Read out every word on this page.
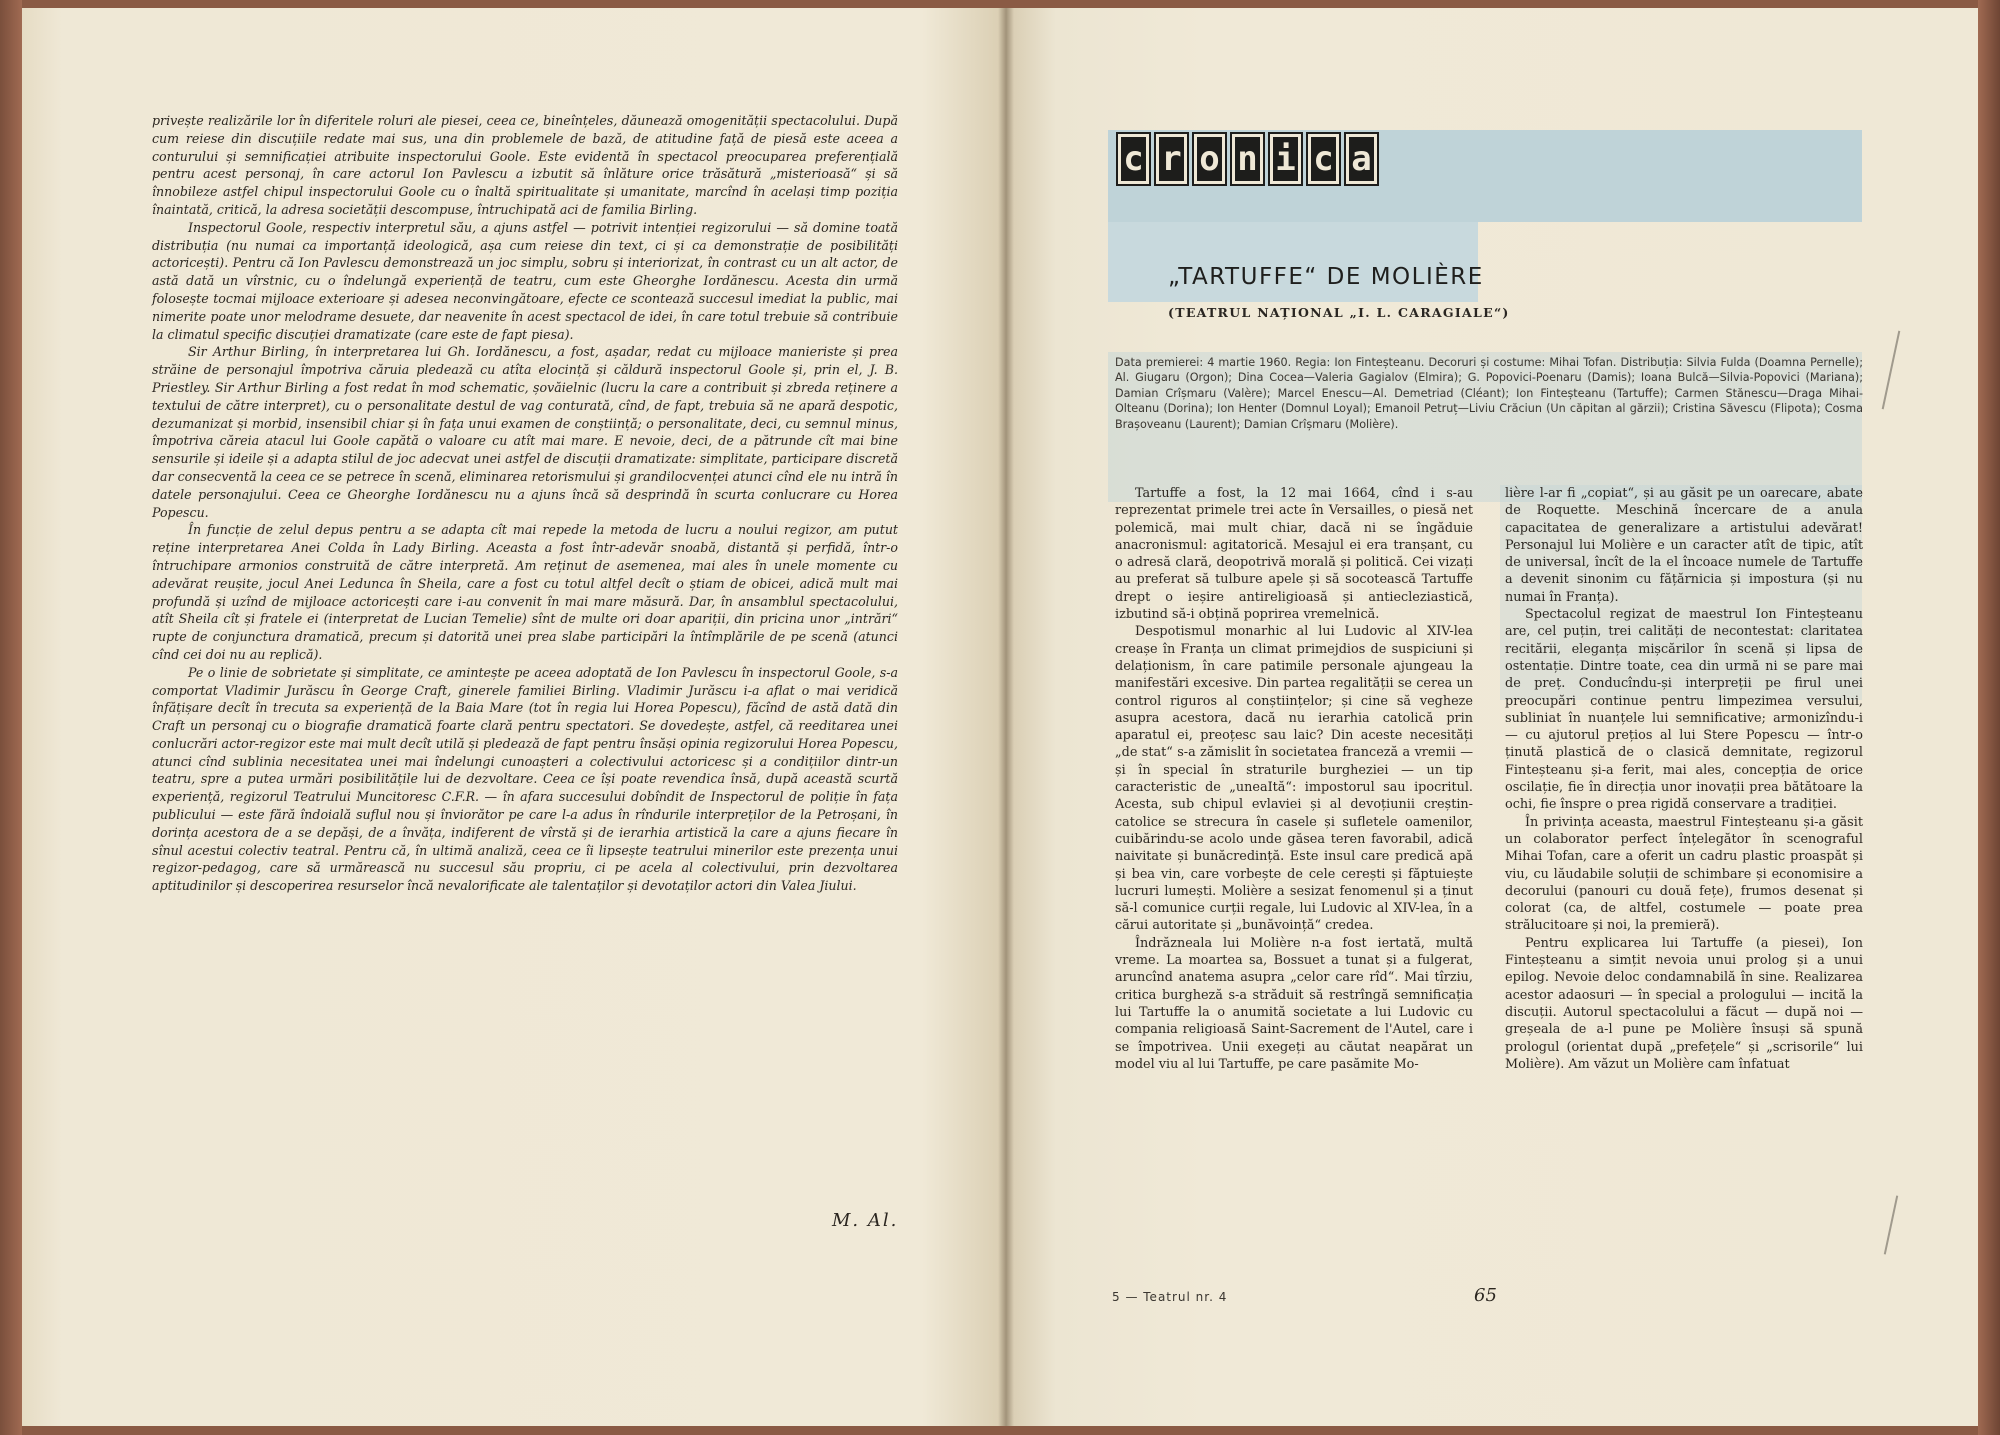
privește realizările lor în diferitele roluri ale piesei, ceea ce, bineînțeles, dăunează omogenității spectacolului. După cum reiese din discuțiile redate mai sus, una din problemele de bază, de atitudine față de piesă este aceea a conturului și semnificației atribuite inspectorului Goole. Este evidentă în spectacol preocuparea preferențială pentru acest personaj, în care actorul Ion Pavlescu a izbutit să înlăture orice trăsătură „misterioasă“ și să înnobileze astfel chipul inspectorului Goole cu o înaltă spiritualitate și umanitate, marcînd în același timp poziția înaintată, critică, la adresa societății descompuse, întruchipată aci de familia Birling.

Inspectorul Goole, respectiv interpretul său, a ajuns astfel — potrivit intenției regizorului — să domine toată distribuția (nu numai ca importanță ideologică, așa cum reiese din text, ci și ca demonstrație de posibilități actoricești). Pentru că Ion Pavlescu demonstrează un joc simplu, sobru și interiorizat, în contrast cu un alt actor, de astă dată un vîrstnic, cu o îndelungă experiență de teatru, cum este Gheorghe Iordănescu. Acesta din urmă folosește tocmai mijloace exterioare și adesea neconvingătoare, efecte ce scontează succesul imediat la public, mai nimerite poate unor melodrame desuete, dar neavenite în acest spectacol de idei, în care totul trebuie să contribuie la climatul specific discuției dramatizate (care este de fapt piesa).

Sir Arthur Birling, în interpretarea lui Gh. Iordănescu, a fost, așadar, redat cu mijloace manieriste și prea străine de personajul împotriva căruia pledează cu atîta elocință și căldură inspectorul Goole și, prin el, J. B. Priestley. Sir Arthur Birling a fost redat în mod schematic, șovăielnic (lucru la care a contribuit și zbreda reținere a textului de către interpret), cu o personalitate destul de vag conturată, cînd, de fapt, trebuia să ne apară despotic, dezumanizat și morbid, insensibil chiar și în fața unui examen de conștiință; o personalitate, deci, cu semnul minus, împotriva căreia atacul lui Goole capătă o valoare cu atît mai mare. E nevoie, deci, de a pătrunde cît mai bine sensurile și ideile și a adapta stilul de joc adecvat unei astfel de discuții dramatizate: simplitate, participare discretă dar consecventă la ceea ce se petrece în scenă, eliminarea retorismului și grandilocvenței atunci cînd ele nu intră în datele personajului. Ceea ce Gheorghe Iordănescu nu a ajuns încă să desprindă în scurta conlucrare cu Horea Popescu.

În funcție de zelul depus pentru a se adapta cît mai repede la metoda de lucru a noului regizor, am putut reține interpretarea Anei Colda în Lady Birling. Aceasta a fost într-adevăr snoabă, distantă și perfidă, într-o întruchipare armonios construită de către interpretă. Am reținut de asemenea, mai ales în unele momente cu adevărat reușite, jocul Anei Leduncа în Sheila, care a fost cu totul altfel decît o știam de obicei, adică mult mai profundă și uzînd de mijloace actoricești care i-au convenit în mai mare măsură. Dar, în ansamblul spectacolului, atît Sheila cît și fratele ei (interpretat de Lucian Temelie) sînt de multe ori doar apariții, din pricina unor „intrări“ rupte de conjunctura dramatică, precum și datorită unei prea slabe participări la întîmplările de pe scenă (atunci cînd cei doi nu au replică).

Pe o linie de sobrietate și simplitate, ce amintește pe aceea adoptată de Ion Pavlescu în inspectorul Goole, s-a comportat Vladimir Jurăscu în George Craft, ginerele familiei Birling. Vladimir Jurăscu i-a aflat o mai veridică înfățișare decît în trecuta sa experiență de la Baia Mare (tot în regia lui Horea Popescu), făcînd de astă dată din Craft un personaj cu o biografie dramatică foarte clară pentru spectatori. Se dovedește, astfel, că reeditarea unei conlucrări actor-regizor este mai mult decît utilă și pledează de fapt pentru însăși opinia regizorului Horea Popescu, atunci cînd sublinia necesitatea unei mai îndelungi cunoașteri a colectivului actoricesc și a condițiilor dintr-un teatru, spre a putea urmări posibilitățile lui de dezvoltare. Ceea ce își poate revendica însă, după această scurtă experiență, regizorul Teatrului Muncitoresc C.F.R. — în afara succesului dobîndit de Inspectorul de poliție în fața publicului — este fără îndoială suflul nou și înviorător pe care l-a adus în rîndurile interpreților de la Petroșani, în dorința acestora de a se depăși, de a învăța, indiferent de vîrstă și de ierarhia artistică la care a ajuns fiecare în sînul acestui colectiv teatral. Pentru că, în ultimă analiză, ceea ce îi lipsește teatrului minerilor este prezența unui regizor-pedagog, care să urmărească nu succesul său propriu, ci pe acela al colectivului, prin dezvoltarea aptitudinilor și descoperirea resurselor încă nevalorificate ale talentaților și devotaților actori din Valea Jiului.

M. Al.
c r o n i c a
„TARTUFFE“ DE MOLIÈRE
(TEATRUL NAȚIONAL „I. L. CARAGIALE“)
Data premierei: 4 martie 1960. Regia: Ion Finteșteanu. Decoruri și costume: Mihai Tofan. Distribuția: Silvia Fulda (Doamna Pernelle); Al. Giugaru (Orgon); Dina Cocea—Valeria Gagialov (Elmira); G. Popovici-Poenaru (Damis); Ioana Bulcă—Silvia-Popovici (Mariana); Damian Crîșmaru (Valère); Marcel Enescu—Al. Demetriad (Cléant); Ion Finteșteanu (Tartuffe); Carmen Stănescu—Draga Mihai-Olteanu (Dorina); Ion Henter (Domnul Loyal); Emanoil Petruț—Liviu Crăciun (Un căpitan al gărzii); Cristina Săvescu (Flipota); Cosma Brașoveanu (Laurent); Damian Crîșmaru (Molière).

Tartuffe a fost, la 12 mai 1664, cînd i s-au reprezentat primele trei acte în Versailles, o piesă net polemică, mai mult chiar, dacă ni se îngăduie anacronismul: agitatorică. Mesajul ei era tranșant, cu o adresă clară, deopotrivă morală și politică. Cei vizați au preferat să tulbure apele și să socotească Tartuffe drept o ieșire antireligioasă și antiecleziastică, izbutind să-i obțină poprirea vremelnică.

Despotismul monarhic al lui Ludovic al XIV-lea creașe în Franța un climat primejdios de suspiciuni și delaționism, în care patimile personale ajungeau la manifestări excesive. Din partea regalității se cerea un control riguros al conștiințelor; și cine să vegheze asupra acestora, dacă nu ierarhia catolică prin aparatul ei, preoțesc sau laic? Din aceste necesități „de stat“ s-a zămislit în societatea franceză a vremii — și în special în straturile burgheziei — un tip caracteristic de „uneaItă“: impostorul sau ipocritul. Acesta, sub chipul evlaviei și al devoțiunii creștin-catolice se strecura în casele și sufletele oamenilor, cuibărindu-se acolo unde găsea teren favorabil, adică naivitate și bunăcredință. Este insul care predică apă și bea vin, care vorbește de cele cerești și făptuiește lucruri lumești. Molière a sesizat fenomenul și a ținut să-l comunice curții regale, lui Ludovic al XIV-lea, în a cărui autoritate și „bunăvoință“ credea.

Îndrăzneala lui Molière n-a fost iertată, multă vreme. La moartea sa, Bossuet a tunat și a fulgerat, aruncînd anatema asupra „celor care rîd“. Mai tîrziu, critica burgheză s-a străduit să restrîngă semnificația lui Tartuffe la o anumită societate a lui Ludovic cu compania religioasă Saint-Sacrement de l'Autel, care i se împotrivea. Unii exegeți au căutat neapărat un model viu al lui Tartuffe, pe care pasămite Mo-

lière l-ar fi „copiat“, și au găsit pe un oarecare, abate de Roquette. Meschină încercare de a anula capacitatea de generalizare a artistului adevărat! Personajul lui Molière e un caracter atît de tipic, atît de universal, încît de la el încoace numele de Tartuffe a devenit sinonim cu fățărnicia și impostura (și nu numai în Franța).

Spectacolul regizat de maestrul Ion Finteșteanu are, cel puțin, trei calități de necontestat: claritatea recitării, eleganța mișcărilor în scenă și lipsa de ostentație. Dintre toate, cea din urmă ni se pare mai de preț. Conducîndu-și interpreții pe firul unei preocupări continue pentru limpezimea versului, subliniat în nuanțele lui semnificative; armonizîndu-i — cu ajutorul prețios al lui Stere Popescu — într-o ținută plastică de o clasică demnitate, regizorul Finteșteanu și-a ferit, mai ales, concepția de orice oscilație, fie în direcția unor inovații prea bătătoare la ochi, fie înspre o prea rigidă conservare a tradiției.

În privința aceasta, maestrul Finteșteanu și-a găsit un colaborator perfect înțelegător în scenograful Mihai Tofan, care a oferit un cadru plastic proaspăt și viu, cu lăudabile soluții de schimbare și economisire a decorului (panouri cu două fețe), frumos desenat și colorat (ca, de altfel, costumele — poate prea strălucitoare și noi, la premieră).

Pentru explicarea lui Tartuffe (a piesei), Ion Finteșteanu a simțit nevoia unui prolog și a unui epilog. Nevoie deloc condamnabilă în sine. Realizarea acestor adaosuri — în special a prologului — incită la discuții. Autorul spectacolului a făcut — după noi — greșeala de a-l pune pe Molière însuși să spună prologul (orientat după „prefețele“ și „scrisorile“ lui Molière). Am văzut un Molière cam înfatuat

5 — Teatrul nr. 4	65
